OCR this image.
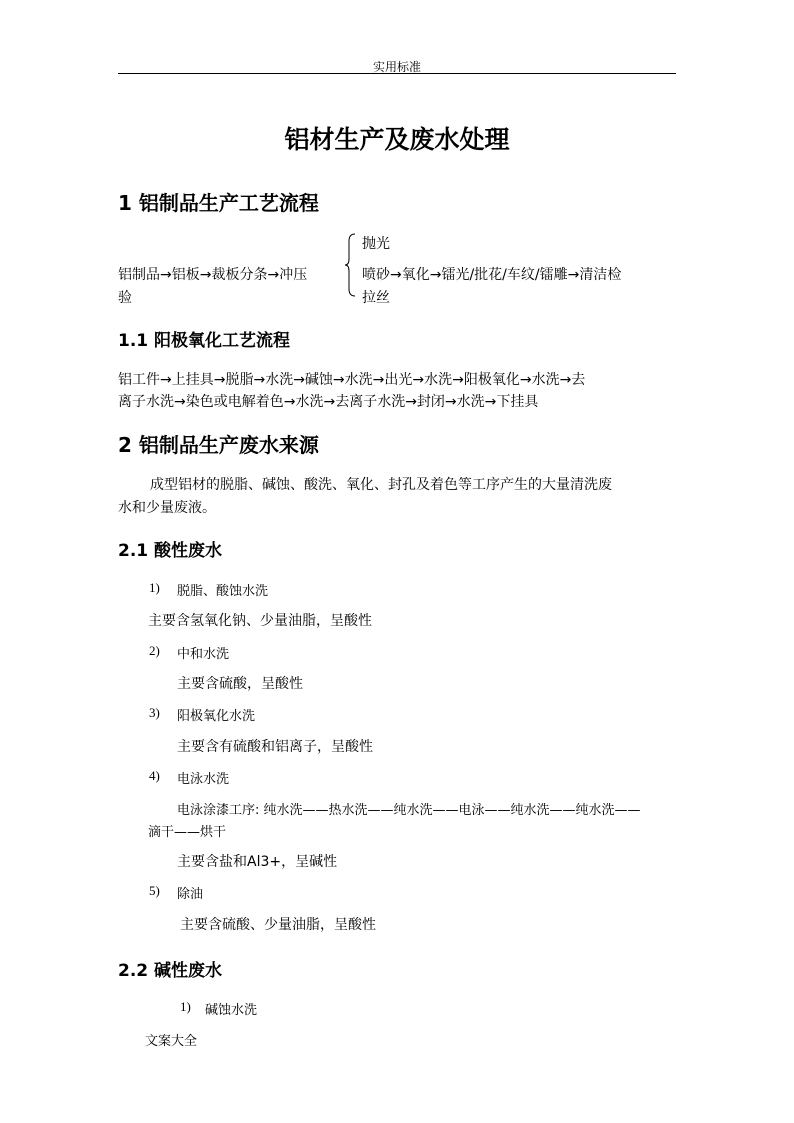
实用标准
铝材生产及废水处理
1 铝制品生产工艺流程
抛光
铝制品→铝板→裁板分条→冲压	喷砂→氧化→镭光/批花/车纹/镭雕→清洁检
验	拉丝
1.1 阳极氧化工艺流程
铝工件→上挂具→脱脂→水洗→碱蚀→水洗→出光→水洗→阳极氧化→水洗→去
离子水洗→染色或电解着色→水洗→去离子水洗→封闭→水洗→下挂具
2 铝制品生产废水来源
成型铝材的脱脂、碱蚀、酸洗、氧化、封孔及着色等工序产生的大量清洗废
水和少量废液。
2.1 酸性废水
1) 脱脂、酸蚀水洗
主要含氢氧化钠、少量油脂，呈酸性
2) 中和水洗
主要含硫酸，呈酸性
3) 阳极氧化水洗
主要含有硫酸和铝离子，呈酸性
4) 电泳水洗
电泳涂漆工序: 纯水洗——热水洗——纯水洗——电泳——纯水洗——纯水洗——
滴干——烘干
主要含盐和Al3+，呈碱性
5) 除油
主要含硫酸、少量油脂，呈酸性
2.2 碱性废水
1) 碱蚀水洗
文案大全
